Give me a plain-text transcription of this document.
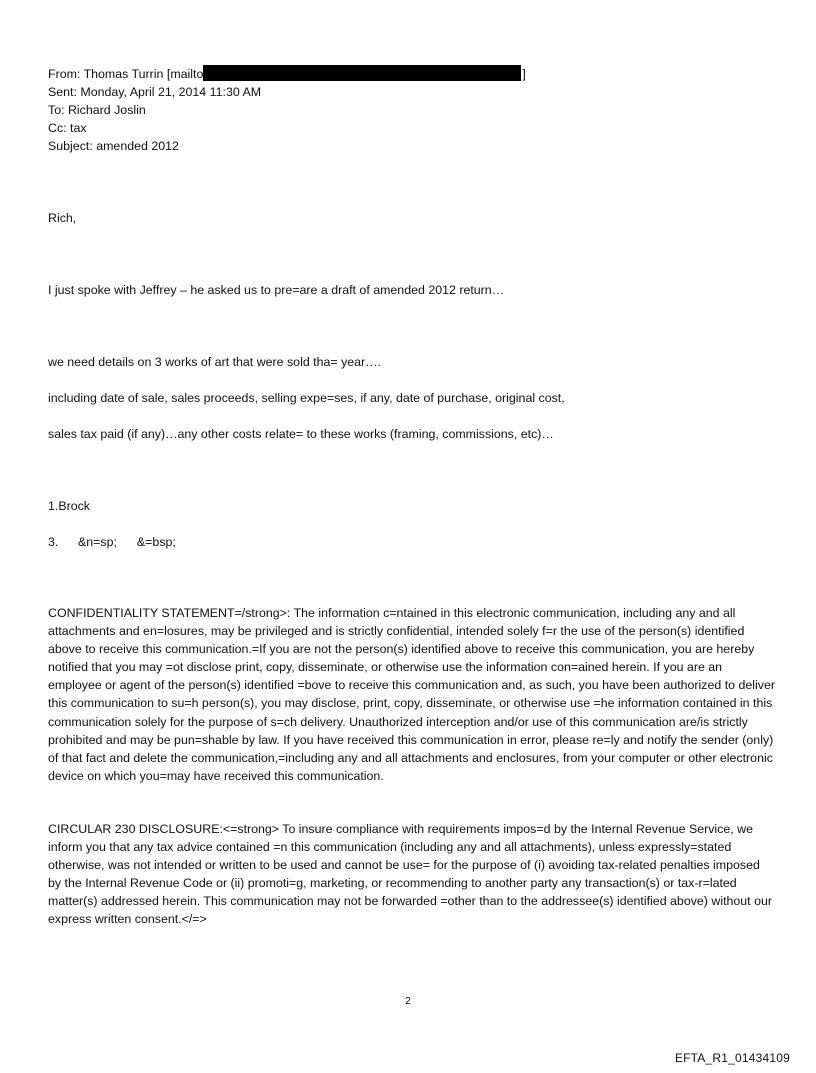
From: Thomas Turrin [mailto	]
Sent: Monday, April 21, 2014 11:30 AM
To: Richard Joslin
Cc: tax
Subject: amended 2012
Rich,
I just spoke with Jeffrey – he asked us to pre=are a draft of amended 2012 return…
we need details on 3 works of art that were sold tha= year….
including date of sale, sales proceeds, selling expe=ses, if any, date of purchase, original cost,
sales tax paid (if any)…any other costs relate= to these works (framing, commissions, etc)…
1.Brock
3. &n=sp; &=bsp;
CONFIDENTIALITY STATEMENT=/strong>: The information c=ntained in this electronic communication, including any and all attachments and en=losures, may be privileged and is strictly confidential, intended solely f=r the use of the person(s) identified above to receive this communication.=If you are not the person(s) identified above to receive this communication, you are hereby notified that you may =ot disclose print, copy, disseminate, or otherwise use the information con=ained herein. If you are an employee or agent of the person(s) identified =bove to receive this communication and, as such, you have been authorized to deliver this communication to su=h person(s), you may disclose, print, copy, disseminate, or otherwise use =he information contained in this communication solely for the purpose of s=ch delivery. Unauthorized interception and/or use of this communication are/is strictly prohibited and may be pun=shable by law. If you have received this communication in error, please re=ly and notify the sender (only) of that fact and delete the communication,=including any and all attachments and enclosures, from your computer or other electronic device on which you=may have received this communication.
CIRCULAR 230 DISCLOSURE:<=strong> To insure compliance with requirements impos=d by the Internal Revenue Service, we inform you that any tax advice contained =n this communication (including any and all attachments), unless expressly=stated otherwise, was not intended or written to be used and cannot be use= for the purpose of (i) avoiding tax-related penalties imposed by the Internal Revenue Code or (ii) promoti=g, marketing, or recommending to another party any transaction(s) or tax-r=lated matter(s) addressed herein. This communication may not be forwarded =other than to the addressee(s) identified above) without our express written consent.</=>
2
EFTA_R1_01434109
